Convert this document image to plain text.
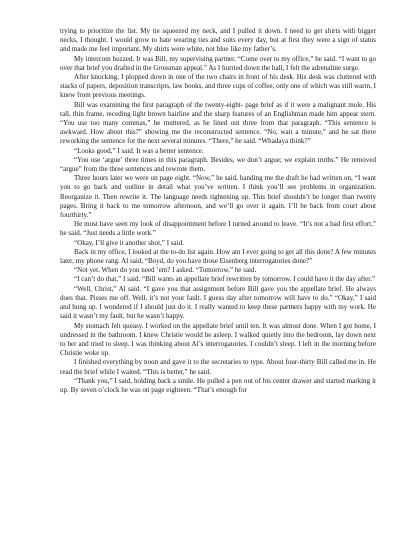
trying to prioritize the list. My tie squeezed my neck, and I pulled it down. I need to get shirts with bigger necks, I thought. I would grow to hate wearing ties and suits every day, but at first they were a sign of status and made me feel important. My shirts were white, not blue like my father’s.

My intercom buzzed. It was Bill, my supervising partner. “Come over to my office,” he said. “I want to go over that brief you drafted in the Grossman appeal.” As I hurried down the hall, I felt the adrenaline surge.

After knocking, I plopped down in one of the two chairs in front of his desk. His desk was cluttered with stacks of papers, deposition transcripts, law books, and three cups of coffee, only one of which was still warm, I knew from previous meetings.

Bill was examining the first paragraph of the twenty-eight- page brief as if it were a malignant mole. His tall, thin frame, receding light brown hairline and the sharp features of an Englishman made him appear stern. “You use too many commas,” he muttered, as he lined out three from that paragraph. “This sentence is awkward. How about this?” showing me the reconstructed sentence. “No, wait a minute,” and he sat there reworking the sentence for the next several minutes. “There,” he said. “Whadaya think?”

“Looks good,” I said. It was a better sentence.

“You use ‘argue’ three times in this paragraph. Besides, we don’t argue; we explain truths.” He removed “argue” from the three sentences and rewrote them.

Three hours later we were on page eight. “Now,” he said, handing me the draft he had written on, “I want you to go back and outline in detail what you’ve written. I think you’ll see problems in organization. Reorganize it. Then rewrite it. The language needs tightening up. This brief shouldn’t be longer than twenty pages. Bring it back to me tomorrow afternoon, and we’ll go over it again. I’ll be back from court about fourthirty.”

He must have seen my look of disappointment before I turned around to leave. “It’s not a bad first effort,” he said. “Just needs a little work.”

“Okay, I’ll give it another shot,” I said.

Back in my office, I looked at the to-do list again. How am I ever going to get all this done? A few minutes later, my phone rang. Al said, “Boyd, do you have those Eisenberg interrogatories done?”

“Not yet. When do you need ’em? I asked. “Tomorrow,” he said.

“I can’t do that,” I said. “Bill wants an appellate brief rewritten by tomorrow. I could have it the day after.”

“Well, Christ,” Al said. “I gave you that assignment before Bill gave you the appellate brief. He always does that. Pisses me off. Well, it’s not your fault. I guess day after tomorrow will have to do.” “Okay,” I said and hung up. I wondered if I should just do it. I really wanted to keep these partners happy with my work. He said it wasn’t my fault, but he wasn’t happy.

My stomach felt queasy. I worked on the appellate brief until ten. It was almost done. When I got home, I undressed in the bathroom. I knew Christie would be asleep. I walked quietly into the bedroom, lay down next to her and tried to sleep. I was thinking about Al’s interrogatories. I couldn’t sleep. I left in the morning before Christie woke up.

I finished everything by noon and gave it to the secretaries to type. About four-thirty Bill called me in. He read the brief while I waited. “This is better,” he said.

“Thank you,” I said, holding back a smile. He pulled a pen out of his center drawer and started marking it up. By seven o’clock he was on page eighteen. “That’s enough for
